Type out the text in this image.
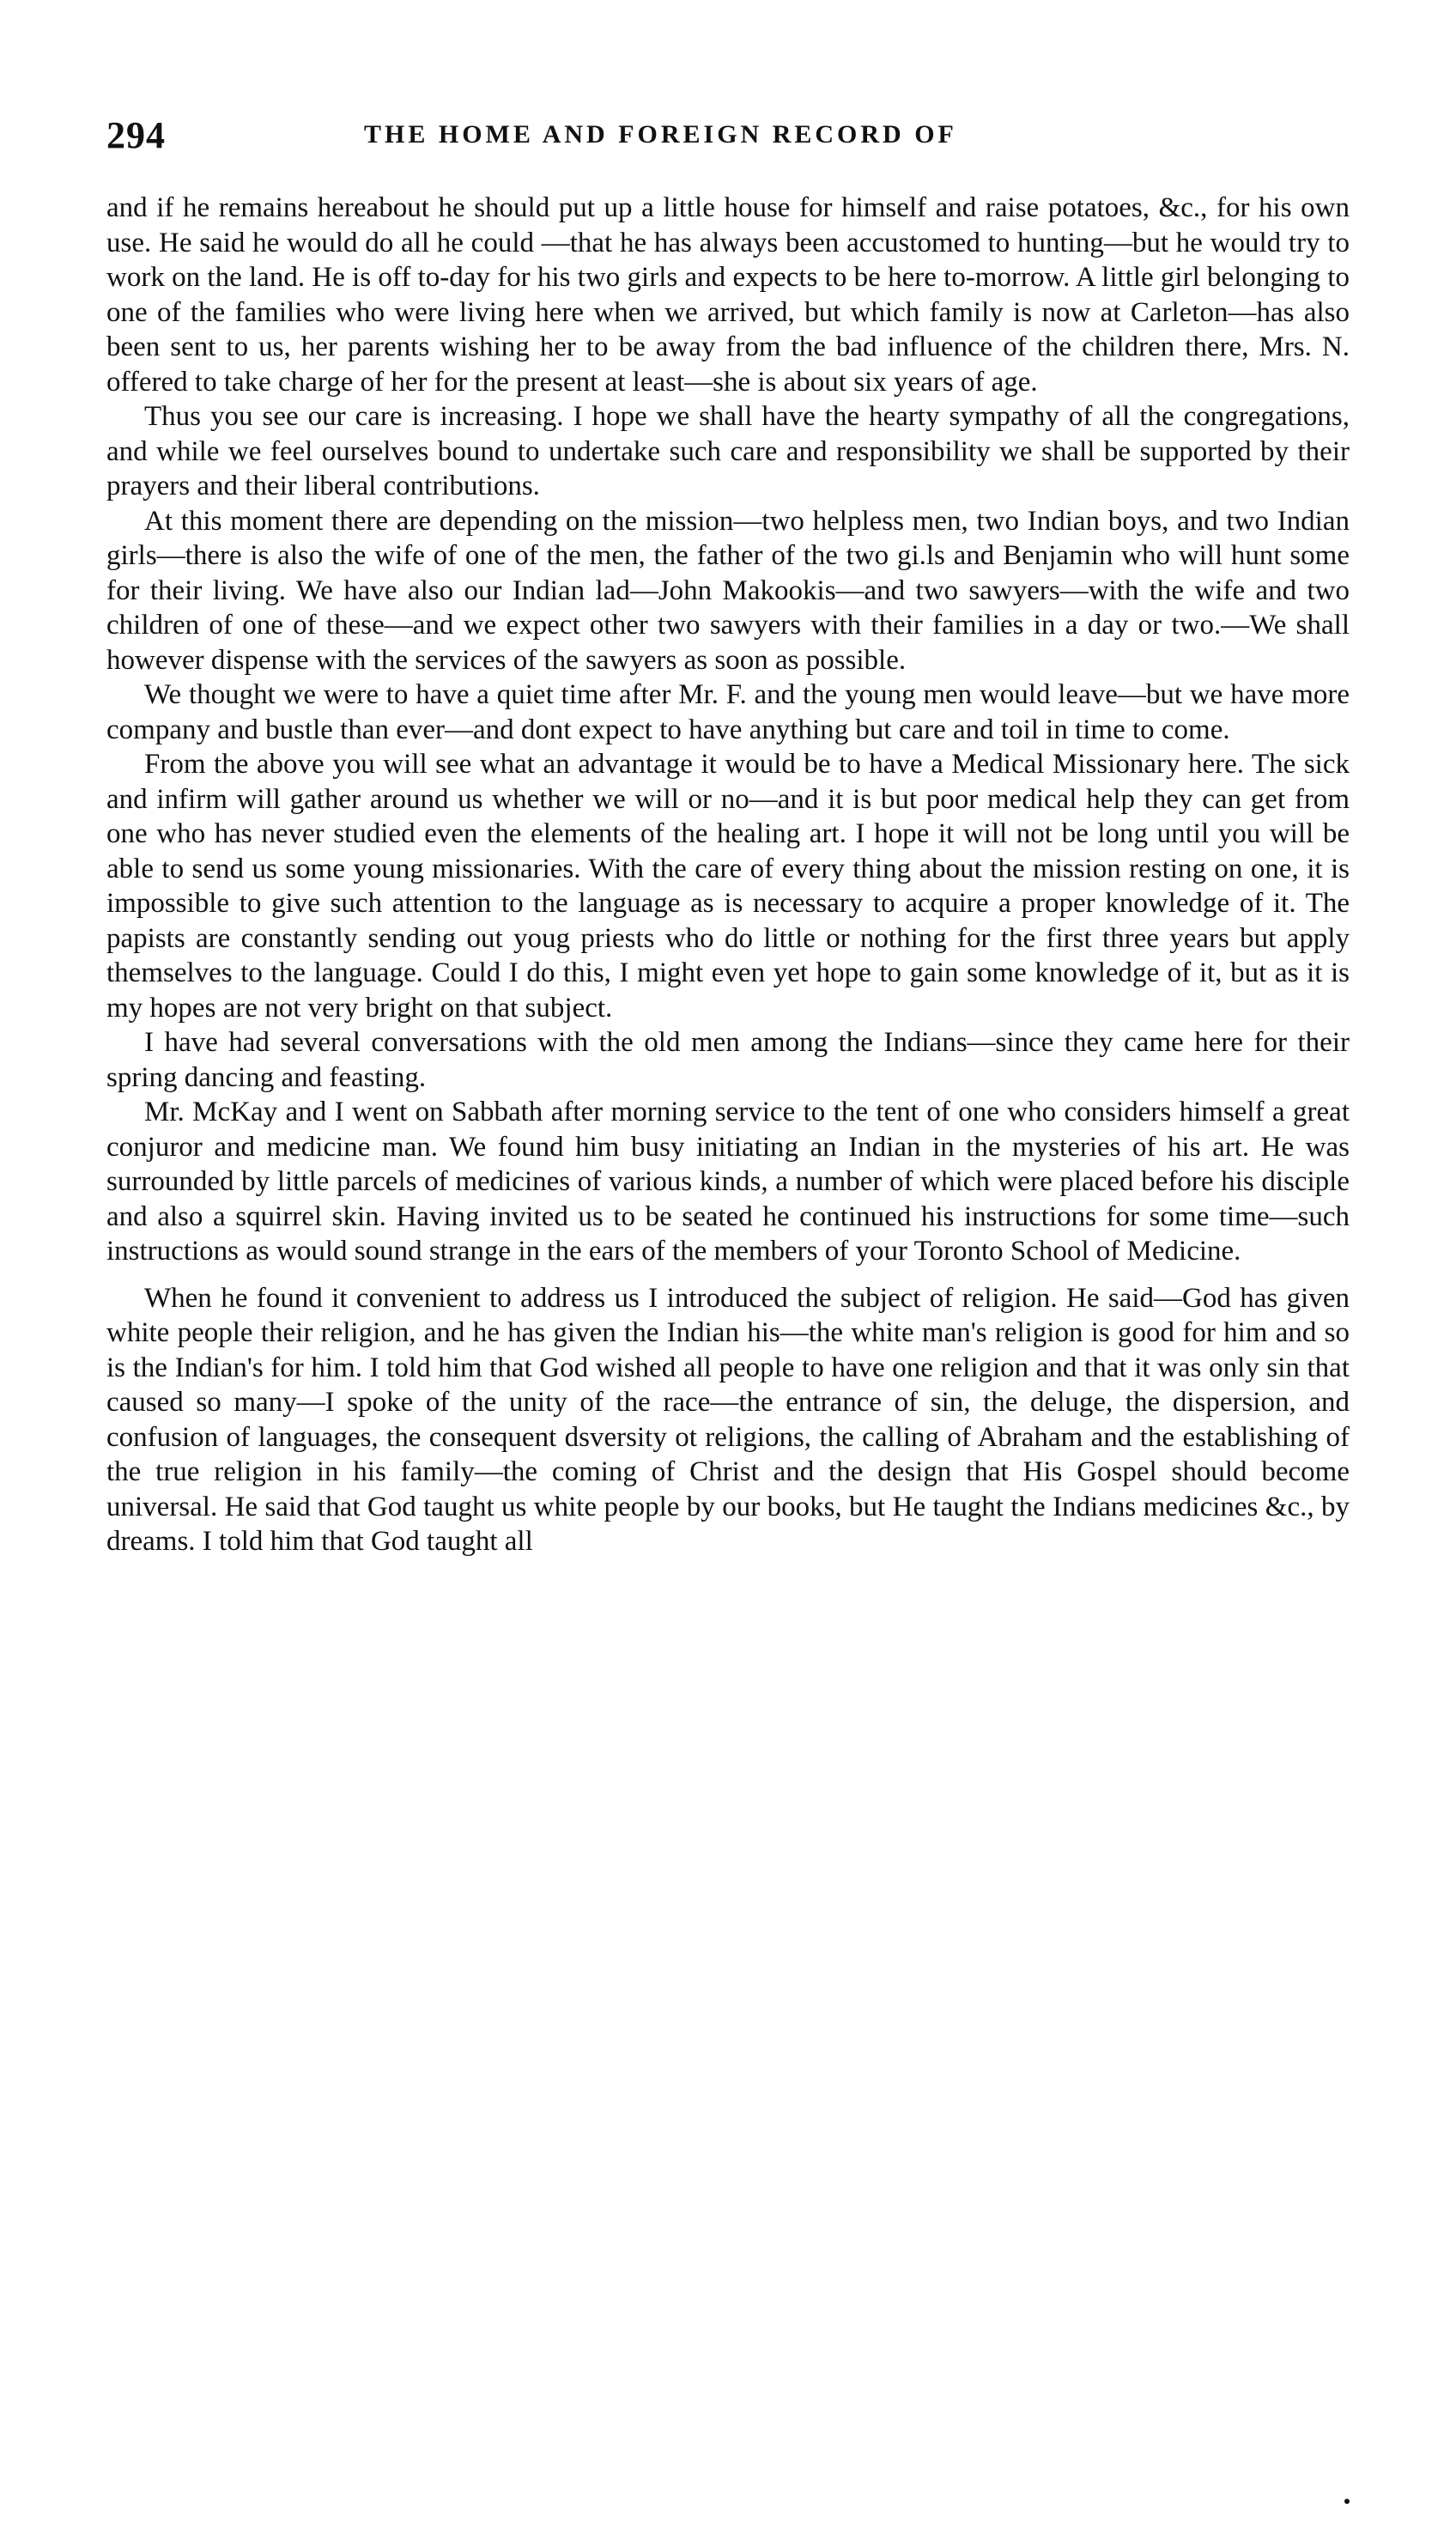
294	THE HOME AND FOREIGN RECORD OF

and if he remains hereabout he should put up a little house for himself and raise potatoes, &c., for his own use. He said he would do all he could —that he has always been accustomed to hunting—but he would try to work on the land. He is off to-day for his two girls and expects to be here to-morrow. A little girl belonging to one of the families who were living here when we arrived, but which family is now at Carleton—has also been sent to us, her parents wishing her to be away from the bad influence of the children there, Mrs. N. offered to take charge of her for the present at least—she is about six years of age.

Thus you see our care is increasing. I hope we shall have the hearty sympathy of all the congregations, and while we feel ourselves bound to undertake such care and responsibility we shall be supported by their prayers and their liberal contributions.

At this moment there are depending on the mission—two helpless men, two Indian boys, and two Indian girls—there is also the wife of one of the men, the father of the two gi.ls and Benjamin who will hunt some for their living. We have also our Indian lad—John Makookis—and two sawyers—with the wife and two children of one of these—and we expect other two sawyers with their families in a day or two.—We shall however dispense with the services of the sawyers as soon as possible.

We thought we were to have a quiet time after Mr. F. and the young men would leave—but we have more company and bustle than ever—and dont expect to have anything but care and toil in time to come.

From the above you will see what an advantage it would be to have a Medical Missionary here. The sick and infirm will gather around us whether we will or no—and it is but poor medical help they can get from one who has never studied even the elements of the healing art. I hope it will not be long until you will be able to send us some young missionaries. With the care of every thing about the mission resting on one, it is impossible to give such attention to the language as is necessary to acquire a proper knowledge of it. The papists are constantly sending out youg priests who do little or nothing for the first three years but apply themselves to the language. Could I do this, I might even yet hope to gain some knowledge of it, but as it is my hopes are not very bright on that subject.

I have had several conversations with the old men among the Indians—since they came here for their spring dancing and feasting.

Mr. McKay and I went on Sabbath after morning service to the tent of one who considers himself a great conjuror and medicine man. We found him busy initiating an Indian in the mysteries of his art. He was surrounded by little parcels of medicines of various kinds, a number of which were placed before his disciple and also a squirrel skin. Having invited us to be seated he continued his instructions for some time—such instructions as would sound strange in the ears of the members of your Toronto School of Medicine.

When he found it convenient to address us I introduced the subject of religion. He said—God has given white people their religion, and he has given the Indian his—the white man's religion is good for him and so is the Indian's for him. I told him that God wished all people to have one religion and that it was only sin that caused so many—I spoke of the unity of the race—the entrance of sin, the deluge, the dispersion, and confusion of languages, the consequent dsversity ot religions, the calling of Abraham and the establishing of the true religion in his family—the coming of Christ and the design that His Gospel should become universal. He said that God taught us white people by our books, but He taught the Indians medicines &c., by dreams. I told him that God taught all
